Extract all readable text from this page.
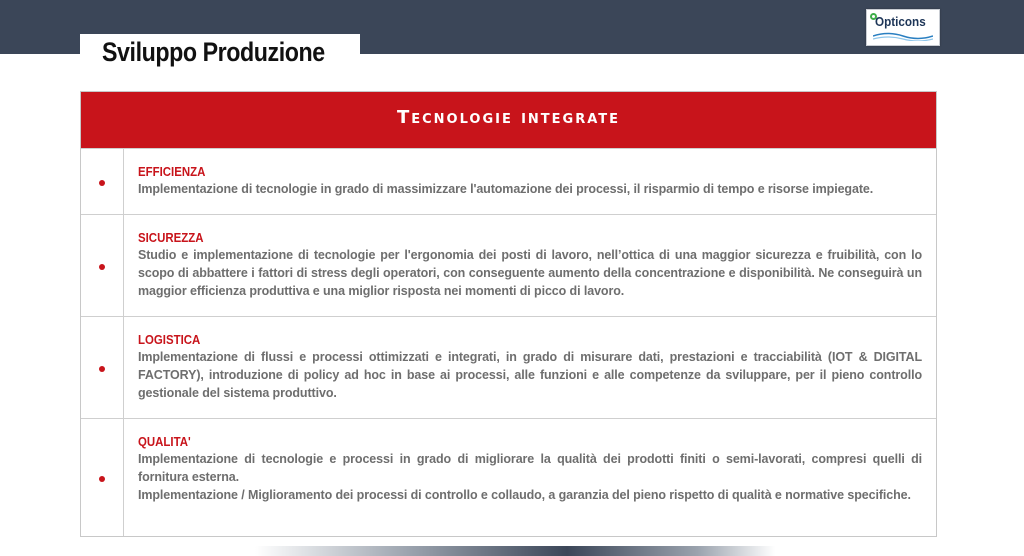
Sviluppo Produzione
Opticons
Tecnologie integrate
EFFICIENZA
Implementazione di tecnologie in grado di massimizzare l'automazione dei processi, il risparmio di tempo e risorse impiegate.
SICUREZZA
Studio e implementazione di tecnologie per l'ergonomia dei posti di lavoro, nell’ottica di una maggior sicurezza e fruibilità, con lo scopo di abbattere i fattori di stress degli operatori, con conseguente aumento della concentrazione e disponibilità. Ne conseguirà un maggior efficienza produttiva e una miglior risposta nei momenti di picco di lavoro.
LOGISTICA
Implementazione di flussi e processi ottimizzati e integrati, in grado di misurare dati, prestazioni e tracciabilità (IOT & DIGITAL FACTORY), introduzione di policy ad hoc in base ai processi, alle funzioni e alle competenze da sviluppare, per il pieno controllo gestionale del sistema produttivo.
QUALITA'
Implementazione di tecnologie e processi in grado di migliorare la qualità dei prodotti finiti o semi-lavorati, compresi quelli di fornitura esterna.
Implementazione / Miglioramento dei processi di controllo e collaudo, a garanzia del pieno rispetto di qualità e normative specifiche.
